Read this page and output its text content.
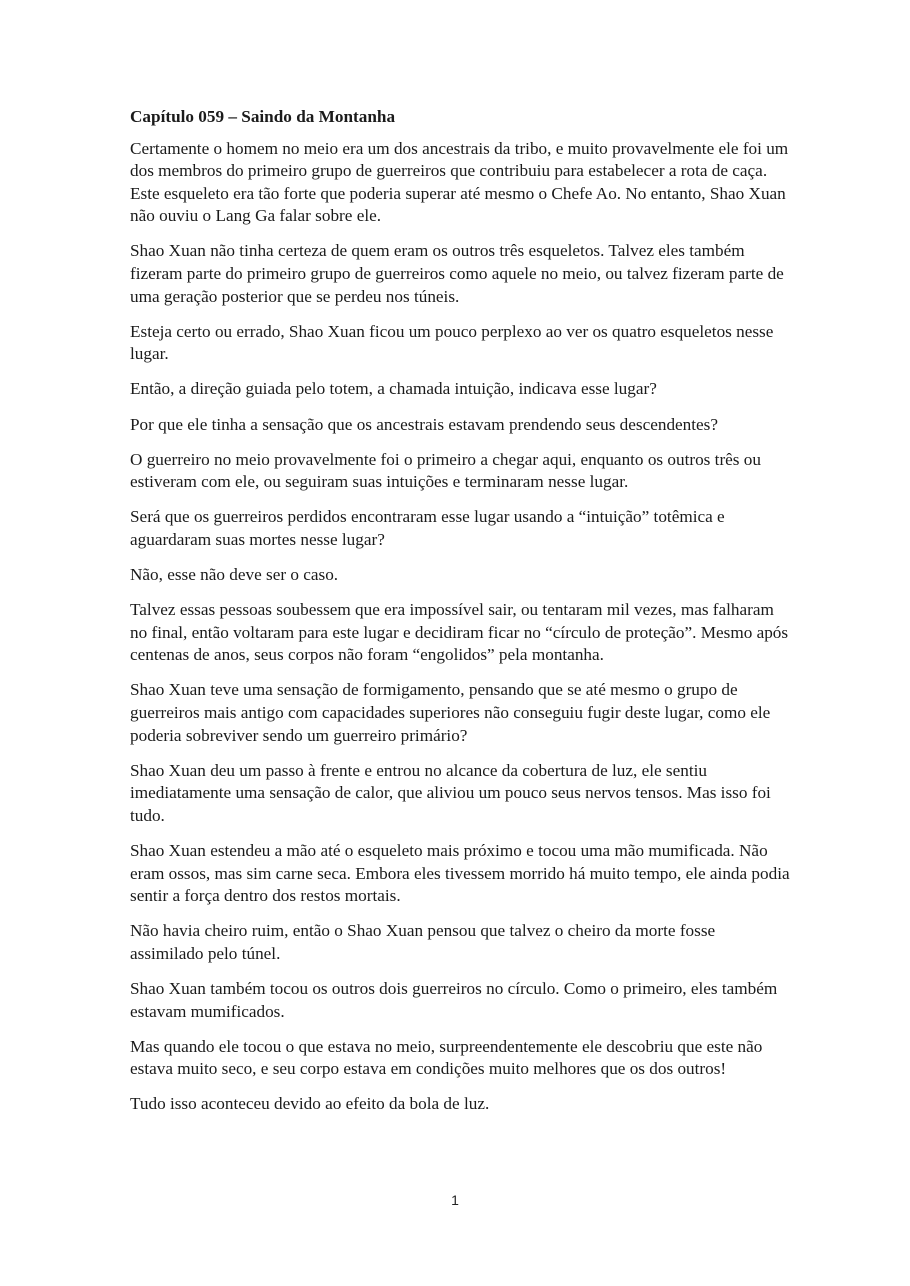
Capítulo 059 – Saindo da Montanha

Certamente o homem no meio era um dos ancestrais da tribo, e muito provavelmente ele foi um dos membros do primeiro grupo de guerreiros que contribuiu para estabelecer a rota de caça. Este esqueleto era tão forte que poderia superar até mesmo o Chefe Ao. No entanto, Shao Xuan não ouviu o Lang Ga falar sobre ele.

Shao Xuan não tinha certeza de quem eram os outros três esqueletos. Talvez eles também fizeram parte do primeiro grupo de guerreiros como aquele no meio, ou talvez fizeram parte de uma geração posterior que se perdeu nos túneis.

Esteja certo ou errado, Shao Xuan ficou um pouco perplexo ao ver os quatro esqueletos nesse lugar.

Então, a direção guiada pelo totem, a chamada intuição, indicava esse lugar?

Por que ele tinha a sensação que os ancestrais estavam prendendo seus descendentes?

O guerreiro no meio provavelmente foi o primeiro a chegar aqui, enquanto os outros três ou estiveram com ele, ou seguiram suas intuições e terminaram nesse lugar.

Será que os guerreiros perdidos encontraram esse lugar usando a “intuição” totêmica e aguardaram suas mortes nesse lugar?

Não, esse não deve ser o caso.

Talvez essas pessoas soubessem que era impossível sair, ou tentaram mil vezes, mas falharam no final, então voltaram para este lugar e decidiram ficar no “círculo de proteção”. Mesmo após centenas de anos, seus corpos não foram “engolidos” pela montanha.

Shao Xuan teve uma sensação de formigamento, pensando que se até mesmo o grupo de guerreiros mais antigo com capacidades superiores não conseguiu fugir deste lugar, como ele poderia sobreviver sendo um guerreiro primário?

Shao Xuan deu um passo à frente e entrou no alcance da cobertura de luz, ele sentiu imediatamente uma sensação de calor, que aliviou um pouco seus nervos tensos. Mas isso foi tudo.

Shao Xuan estendeu a mão até o esqueleto mais próximo e tocou uma mão mumificada. Não eram ossos, mas sim carne seca. Embora eles tivessem morrido há muito tempo, ele ainda podia sentir a força dentro dos restos mortais.

Não havia cheiro ruim, então o Shao Xuan pensou que talvez o cheiro da morte fosse assimilado pelo túnel.

Shao Xuan também tocou os outros dois guerreiros no círculo. Como o primeiro, eles também estavam mumificados.

Mas quando ele tocou o que estava no meio, surpreendentemente ele descobriu que este não estava muito seco, e seu corpo estava em condições muito melhores que os dos outros!

Tudo isso aconteceu devido ao efeito da bola de luz.

1
